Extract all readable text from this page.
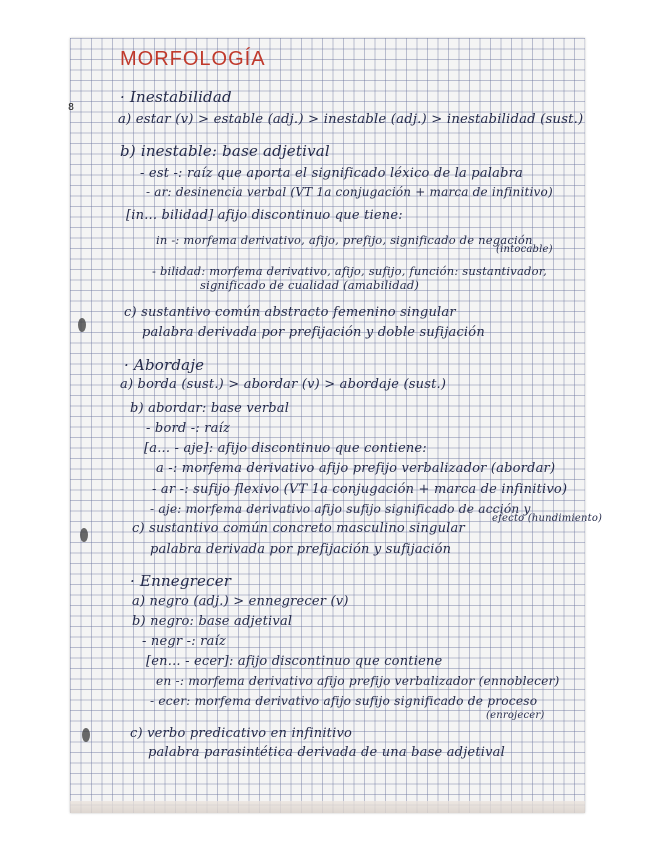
8
MORFOLOGÍA
· Inestabilidad
a) estar (v) > estable (adj.) > inestable (adj.) > inestabilidad (sust.)
b) inestable: base adjetival
- est -: raíz que aporta el significado léxico de la palabra
- ar: desinencia verbal (VT 1a conjugación + marca de infinitivo)
[in... bilidad] afijo discontinuo que tiene:
in -: morfema derivativo, afijo, prefijo, significado de negación
(intocable)
- bilidad: morfema derivativo, afijo, sufijo, función: sustantivador,
significado de cualidad (amabilidad)
c) sustantivo común abstracto femenino singular
palabra derivada por prefijación y doble sufijación
· Abordaje
a) borda (sust.) > abordar (v) > abordaje (sust.)
b) abordar: base verbal
- bord -: raíz
[a... - aje]: afijo discontinuo que contiene:
a -: morfema derivativo afijo prefijo verbalizador (abordar)
- ar -: sufijo flexivo (VT 1a conjugación + marca de infinitivo)
- aje: morfema derivativo afijo sufijo significado de acción y
efecto (hundimiento)
c) sustantivo común concreto masculino singular
palabra derivada por prefijación y sufijación
· Ennegrecer
a) negro (adj.) > ennegrecer (v)
b) negro: base adjetival
- negr -: raíz
[en... - ecer]: afijo discontinuo que contiene
en -: morfema derivativo afijo prefijo verbalizador (ennoblecer)
- ecer: morfema derivativo afijo sufijo significado de proceso
(enrojecer)
c) verbo predicativo en infinitivo
palabra parasintética derivada de una base adjetival
